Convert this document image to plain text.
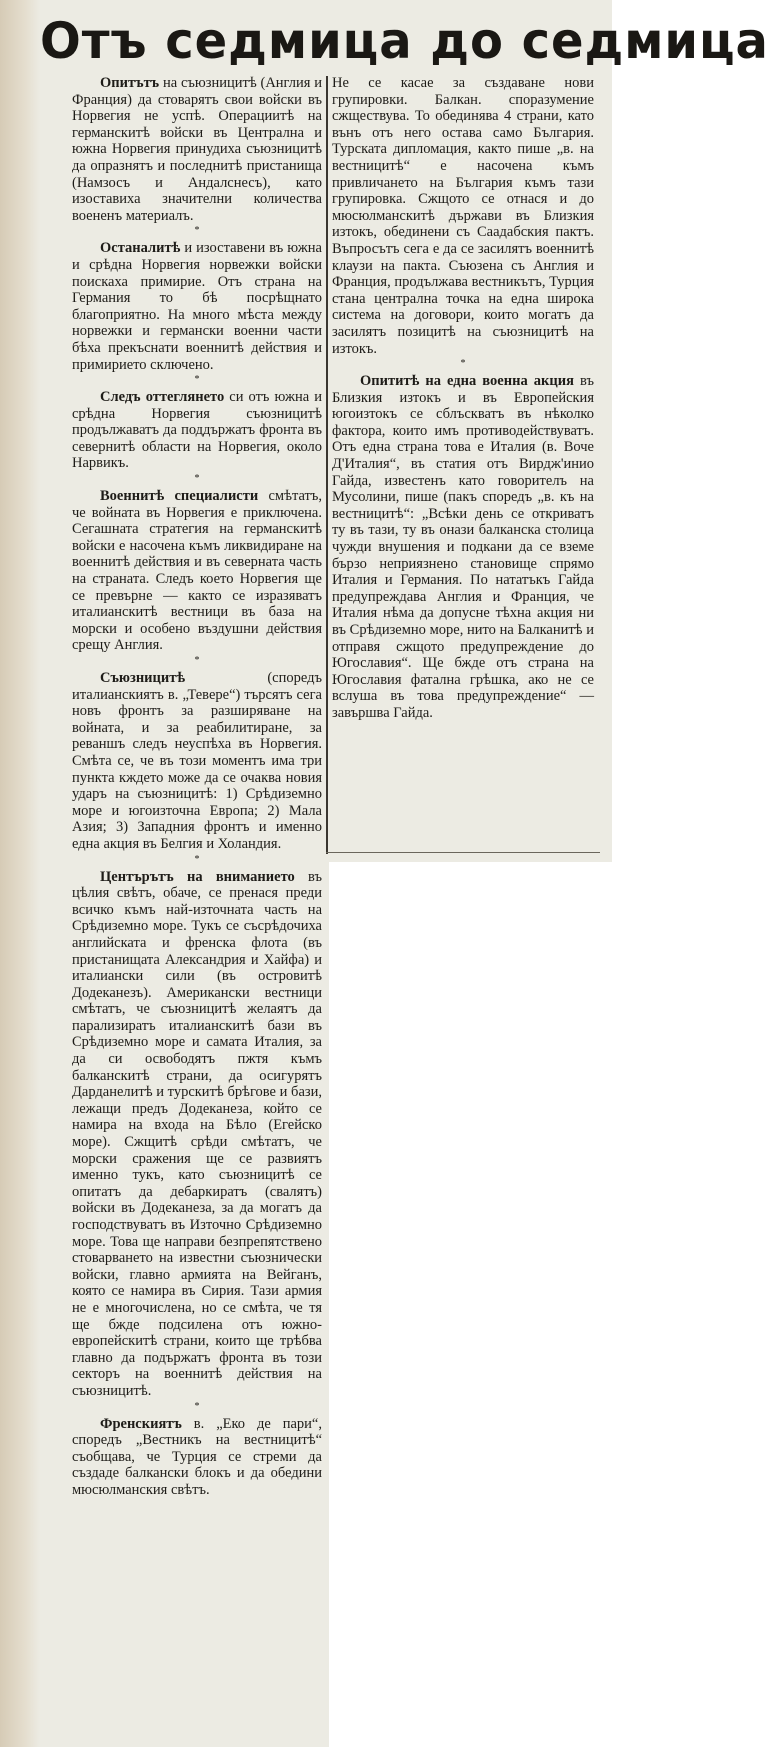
Отъ седмица до седмица

Опитътъ на съюзницитѣ (Англия и Франция) да стоварятъ свои войски въ Норвегия не успѣ. Операциитѣ на германскитѣ войски въ Централна и южна Норвегия принудиха съюзницитѣ да опразнятъ и последнитѣ пристанища (Намзосъ и Андалснесъ), като изоставиха значителни количества воененъ материалъ.

*

Останалитѣ и изоставени въ южна и срѣдна Норвегия норвежки войски поискаха примирие. Отъ страна на Германия то бѣ посрѣщнато благоприятно. На много мѣста между норвежки и германски военни части бѣха прекъснати военнитѣ действия и примирието сключено.

*

Следъ оттеглянето си отъ южна и срѣдна Норвегия съюзницитѣ продължаватъ да поддържатъ фронта въ севернитѣ области на Норвегия, около Нарвикъ.

*

Военнитѣ специалисти смѣтатъ, че войната въ Норвегия е приключена. Сегашната стратегия на германскитѣ войски е насочена къмъ ликвидиране на военнитѣ действия и въ северната часть на страната. Следъ което Норвегия ще се превърне — както се изразяватъ италианскитѣ вестници въ база на морски и особено въздушни действия срещу Англия.

*

Съюзницитѣ (споредъ италианскиятъ в. „Тевере“) търсятъ сега новъ фронтъ за разширяване на войната, и за реабилитиране, за реваншъ следъ неуспѣха въ Норвегия. Смѣта се, че въ този моментъ има три пункта кждето може да се очаква новия ударъ на съюзницитѣ: 1) Срѣдиземно море и югоизточна Европа; 2) Мала Азия; 3) Западния фронтъ и именно една акция въ Белгия и Холандия.

*

Центърътъ на вниманието въ цѣлия свѣтъ, обаче, се пренася преди всичко къмъ най-източната часть на Срѣдиземно море. Тукъ се съсрѣдочиха английската и френска флота (въ пристанищата Александрия и Хайфа) и италиански сили (въ островитѣ Додеканезъ). Американски вестници смѣтатъ, че съюзницитѣ желаятъ да парализиратъ италианскитѣ бази въ Срѣдиземно море и самата Италия, за да си освободятъ пжтя къмъ балканскитѣ страни, да осигурятъ Дарданелитѣ и турскитѣ брѣгове и бази, лежащи предъ Додеканеза, който се намира на входа на Бѣло (Егейско море). Сжщитѣ срѣди смѣтатъ, че морски сражения ще се развиятъ именно тукъ, като съюзницитѣ се опитатъ да дебаркиратъ (свалятъ) войски въ Додеканеза, за да могатъ да господствуватъ въ Източно Срѣдиземно море. Това ще направи безпрепятствено стоварването на известни съюзнически войски, главно армията на Вейганъ, която се намира въ Сирия. Тази армия не е многочислена, но се смѣта, че тя ще бжде подсилена отъ южно-европейскитѣ страни, които ще трѣбва главно да подържатъ фронта въ този секторъ на военнитѣ действия на съюзницитѣ.

*

Френскиятъ в. „Еко де пари“, споредъ „Вестникъ на вестницитѣ“ съобщава, че Турция се стреми да създаде балкански блокъ и да обедини мюсюлманския свѣтъ.

Не се касае за създаване нови групировки. Балкан. споразумение сжществува. То обединява 4 страни, като вънъ отъ него остава само България. Турската дипломация, както пише „в. на вестницитѣ“ е насочена къмъ привличането на България къмъ тази групировка. Сжщото се отнася и до мюсюлманскитѣ държави въ Близкия изтокъ, обединени съ Саадабския пактъ. Въпросътъ сега е да се засилятъ военнитѣ клаузи на пакта. Съюзена съ Англия и Франция, продължава вестникътъ, Турция стана централна точка на една широка система на договори, които могатъ да засилятъ позицитѣ на съюзницитѣ на изтокъ.

*

Опититѣ на една военна акция въ Близкия изтокъ и въ Европейския югоизтокъ се сблъскватъ въ нѣколко фактора, които имъ противодействуватъ. Отъ една страна това е Италия (в. Воче Д'Италия“, въ статия отъ Вирдж'инио Гайда, известенъ като говорителъ на Мусолини, пише (пакъ споредъ „в. къ на вестницитѣ“: „Всѣки день се откриватъ ту въ тази, ту въ онази балканска столица чужди внушения и подкани да се вземе бързо неприязнено становище спрямо Италия и Германия. По нататъкъ Гайда предупреждава Англия и Франция, че Италия нѣма да допусне тѣхна акция ни въ Срѣдиземно море, нито на Балканитѣ и отправя сжщото предупреждение до Югославия“. Ще бжде отъ страна на Югославия фатална грѣшка, ако не се вслуша въ това предупреждение“ — завършва Гайда.
